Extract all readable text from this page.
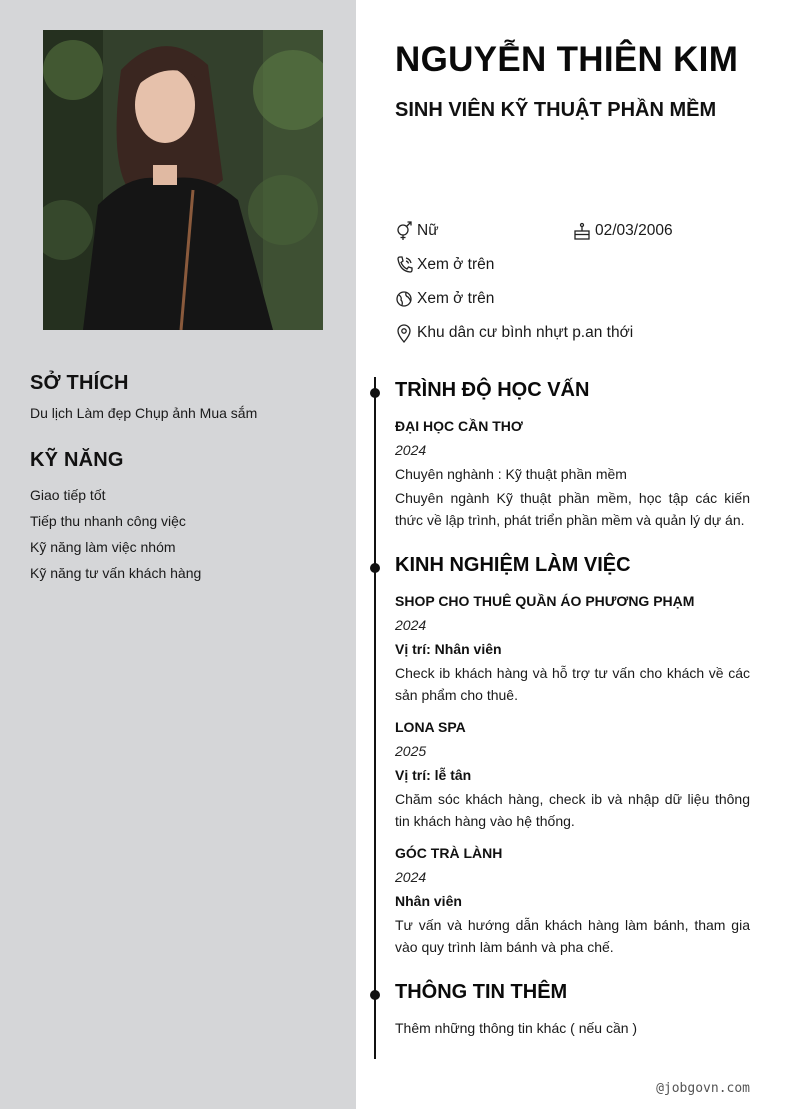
SỞ THÍCH
Du lịch Làm đẹp Chụp ảnh Mua sắm
KỸ NĂNG
Giao tiếp tốt
Tiếp thu nhanh công việc
Kỹ năng làm việc nhóm
Kỹ năng tư vấn khách hàng
NGUYỄN THIÊN KIM
SINH VIÊN KỸ THUẬT PHẦN MỀM
Nữ	02/03/2006
Xem ở trên
Xem ở trên
Khu dân cư bình nhựt p.an thới
TRÌNH ĐỘ HỌC VẤN
ĐẠI HỌC CẦN THƠ
2024
Chuyên nghành : Kỹ thuật phần mềm
Chuyên ngành Kỹ thuật phần mềm, học tập các kiến thức về lập trình, phát triển phần mềm và quản lý dự án.
KINH NGHIỆM LÀM VIỆC
SHOP CHO THUÊ QUẦN ÁO PHƯƠNG PHẠM
2024
Vị trí: Nhân viên
Check ib khách hàng và hỗ trợ tư vấn cho khách về các sản phẩm cho thuê.
LONA SPA
2025
Vị trí: lễ tân
Chăm sóc khách hàng, check ib và nhập dữ liệu thông tin khách hàng vào hệ thống.
GÓC TRÀ LÀNH
2024
Nhân viên
Tư vấn và hướng dẫn khách hàng làm bánh, tham gia vào quy trình làm bánh và pha chế.
THÔNG TIN THÊM
Thêm những thông tin khác ( nếu cần )
@jobgovn.com
